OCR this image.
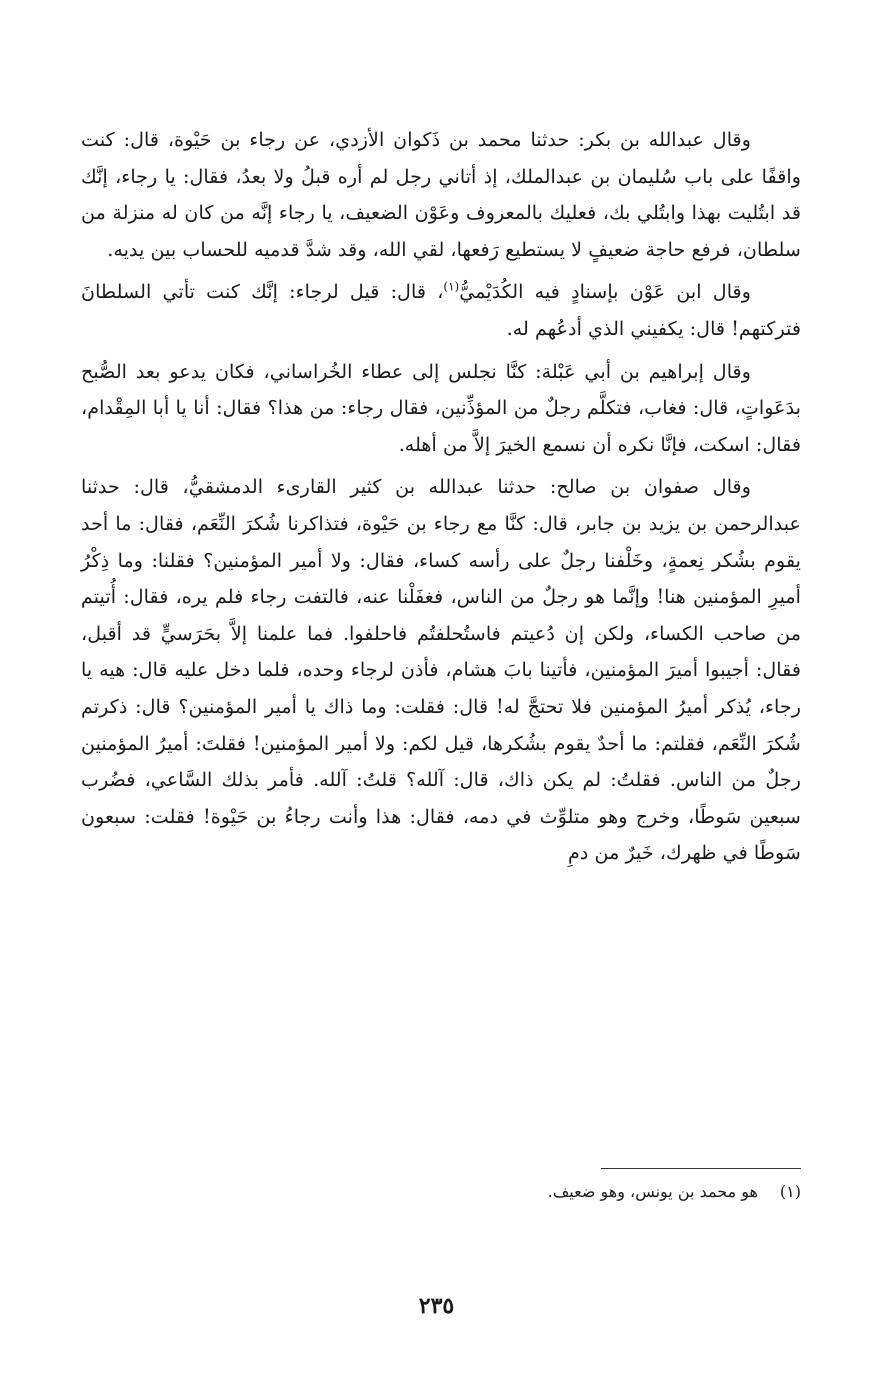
وقال عبدالله بن بكر: حدثنا محمد بن ذَكوان الأزدي، عن رجاء بن حَيْوة، قال: كنت واقفًا على باب سُليمان بن عبدالملك، إذ أتاني رجل لم أره قبلُ ولا بعدُ، فقال: يا رجاء، إنَّك قد ابتُليت بهذا وابتُلي بك، فعليك بالمعروف وعَوْن الضعيف، يا رجاء إنَّه من كان له منزلة من سلطان، فرفع حاجة ضعيفٍ لا يستطيع رَفعها، لقي الله، وقد شدَّ قدميه للحساب بين يديه.

وقال ابن عَوْن بإسنادٍ فيه الكُدَيْميُّ$^{(١)}$، قال: قيل لرجاء: إنَّك كنت تأتي السلطانَ فتركتهم! قال: يكفيني الذي أدعُهم له.

وقال إبراهيم بن أبي عَبْلة: كنَّا نجلس إلى عطاء الخُراساني، فكان يدعو بعد الصُّبح بدَعَواتٍ، قال: فغاب، فتكلَّم رجلٌ من المؤذِّنين، فقال رجاء: من هذا؟ فقال: أنا يا أبا المِقْدام، فقال: اسكت، فإنَّا نكره أن نسمع الخيرَ إلاَّ من أهله.

وقال صفوان بن صالح: حدثنا عبدالله بن كثير القارىء الدمشقيُّ، قال: حدثنا عبدالرحمن بن يزيد بن جابر، قال: كنَّا مع رجاء بن حَيْوة، فتذاكرنا شُكرَ النِّعَم، فقال: ما أحد يقوم بشُكر نِعمةٍ، وخَلْفنا رجلٌ على رأسه كساء، فقال: ولا أمير المؤمنين؟ فقلنا: وما ذِكْرُ أميرِ المؤمنين هنا! وإنَّما هو رجلٌ من الناس، فغفَلْنا عنه، فالتفت رجاء فلم يره، فقال: أُتيتم من صاحب الكساء، ولكن إن دُعيتم فاستُحلفتُم فاحلفوا. فما علمنا إلاَّ بحَرَسيٍّ قد أقبل، فقال: أجيبوا أميرَ المؤمنين، فأتينا بابَ هشام، فأذن لرجاء وحده، فلما دخل عليه قال: هيه يا رجاء، يُذكر أميرُ المؤمنين فلا تحتجَّ له! قال: فقلت: وما ذاك يا أمير المؤمنين؟ قال: ذكرتم شُكرَ النِّعَم، فقلتم: ما أحدٌ يقوم بشُكرها، قيل لكم: ولا أمير المؤمنين! فقلتَ: أميرُ المؤمنين رجلٌ من الناس. فقلتُ: لم يكن ذاك، قال: آلله؟ قلتُ: آلله. فأمر بذلك السَّاعي، فضُرب سبعين سَوطًا، وخرج وهو متلوِّث في دمه، فقال: هذا وأنت رجاءُ بن حَيْوة! فقلت: سبعون سَوطًا في ظهرك، خَيرٌ من دمِ

(١)هو محمد بن يونس، وهو ضعيف.
٢٣٥
